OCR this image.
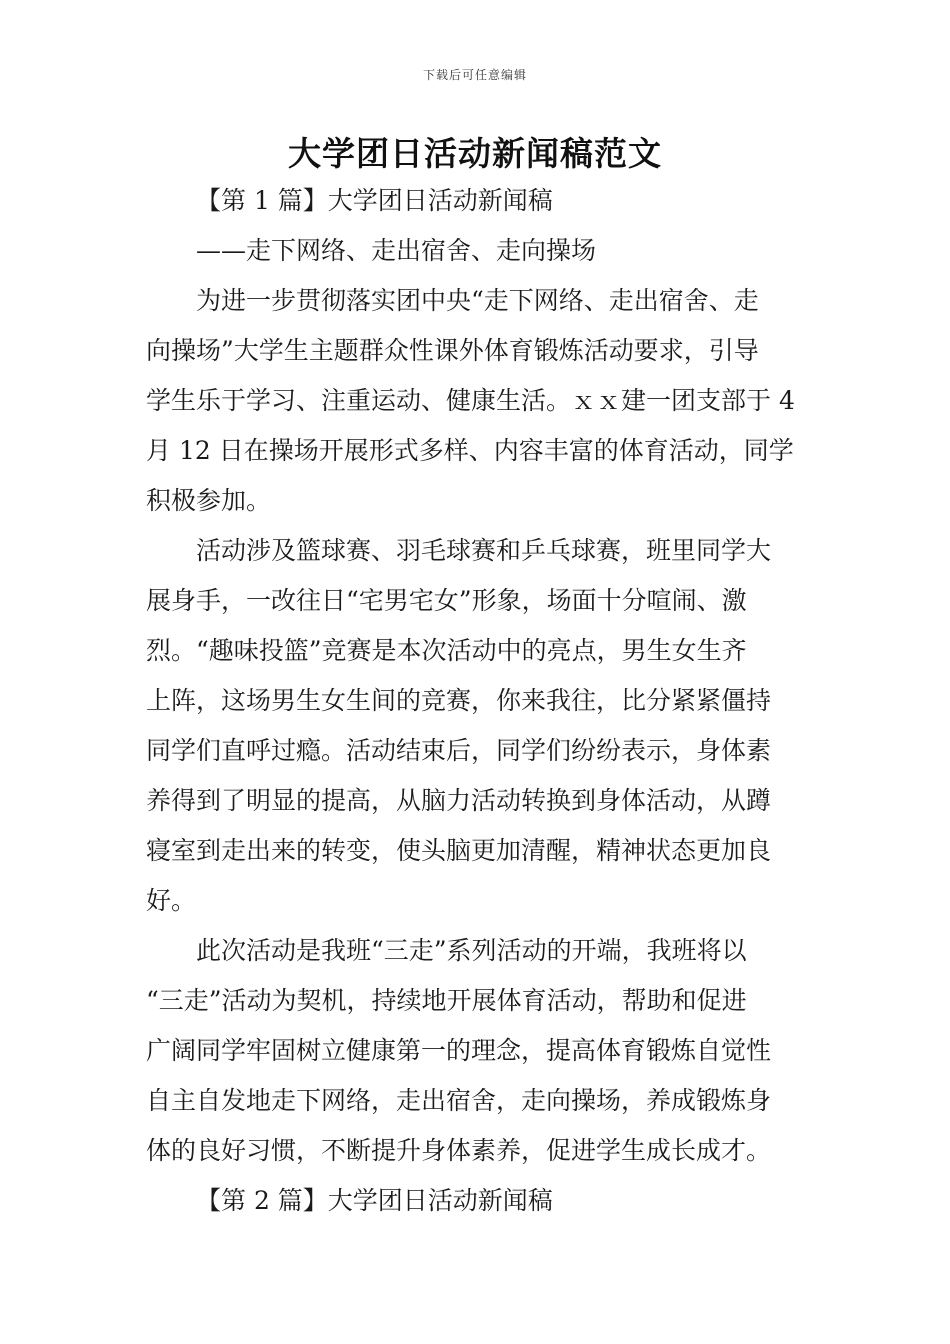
下载后可任意编辑
大学团日活动新闻稿范文
【第 1 篇】大学团日活动新闻稿
——走下网络、走出宿舍、走向操场
为进一步贯彻落实团中央“走下网络、走出宿舍、走
向操场”大学生主题群众性课外体育锻炼活动要求，引导
学生乐于学习、注重运动、健康生活。ｘｘ建一团支部于 4
月 12 日在操场开展形式多样、内容丰富的体育活动，同学
积极参加。
活动涉及篮球赛、羽毛球赛和乒乓球赛，班里同学大
展身手，一改往日“宅男宅女”形象，场面十分喧闹、激
烈。“趣味投篮”竞赛是本次活动中的亮点，男生女生齐
上阵，这场男生女生间的竞赛，你来我往，比分紧紧僵持
同学们直呼过瘾。活动结束后，同学们纷纷表示，身体素
养得到了明显的提高，从脑力活动转换到身体活动，从蹲
寝室到走出来的转变，使头脑更加清醒，精神状态更加良
好。
此次活动是我班“三走”系列活动的开端，我班将以
“三走”活动为契机，持续地开展体育活动，帮助和促进
广阔同学牢固树立健康第一的理念，提高体育锻炼自觉性
自主自发地走下网络，走出宿舍，走向操场，养成锻炼身
体的良好习惯，不断提升身体素养，促进学生成长成才。
【第 2 篇】大学团日活动新闻稿
